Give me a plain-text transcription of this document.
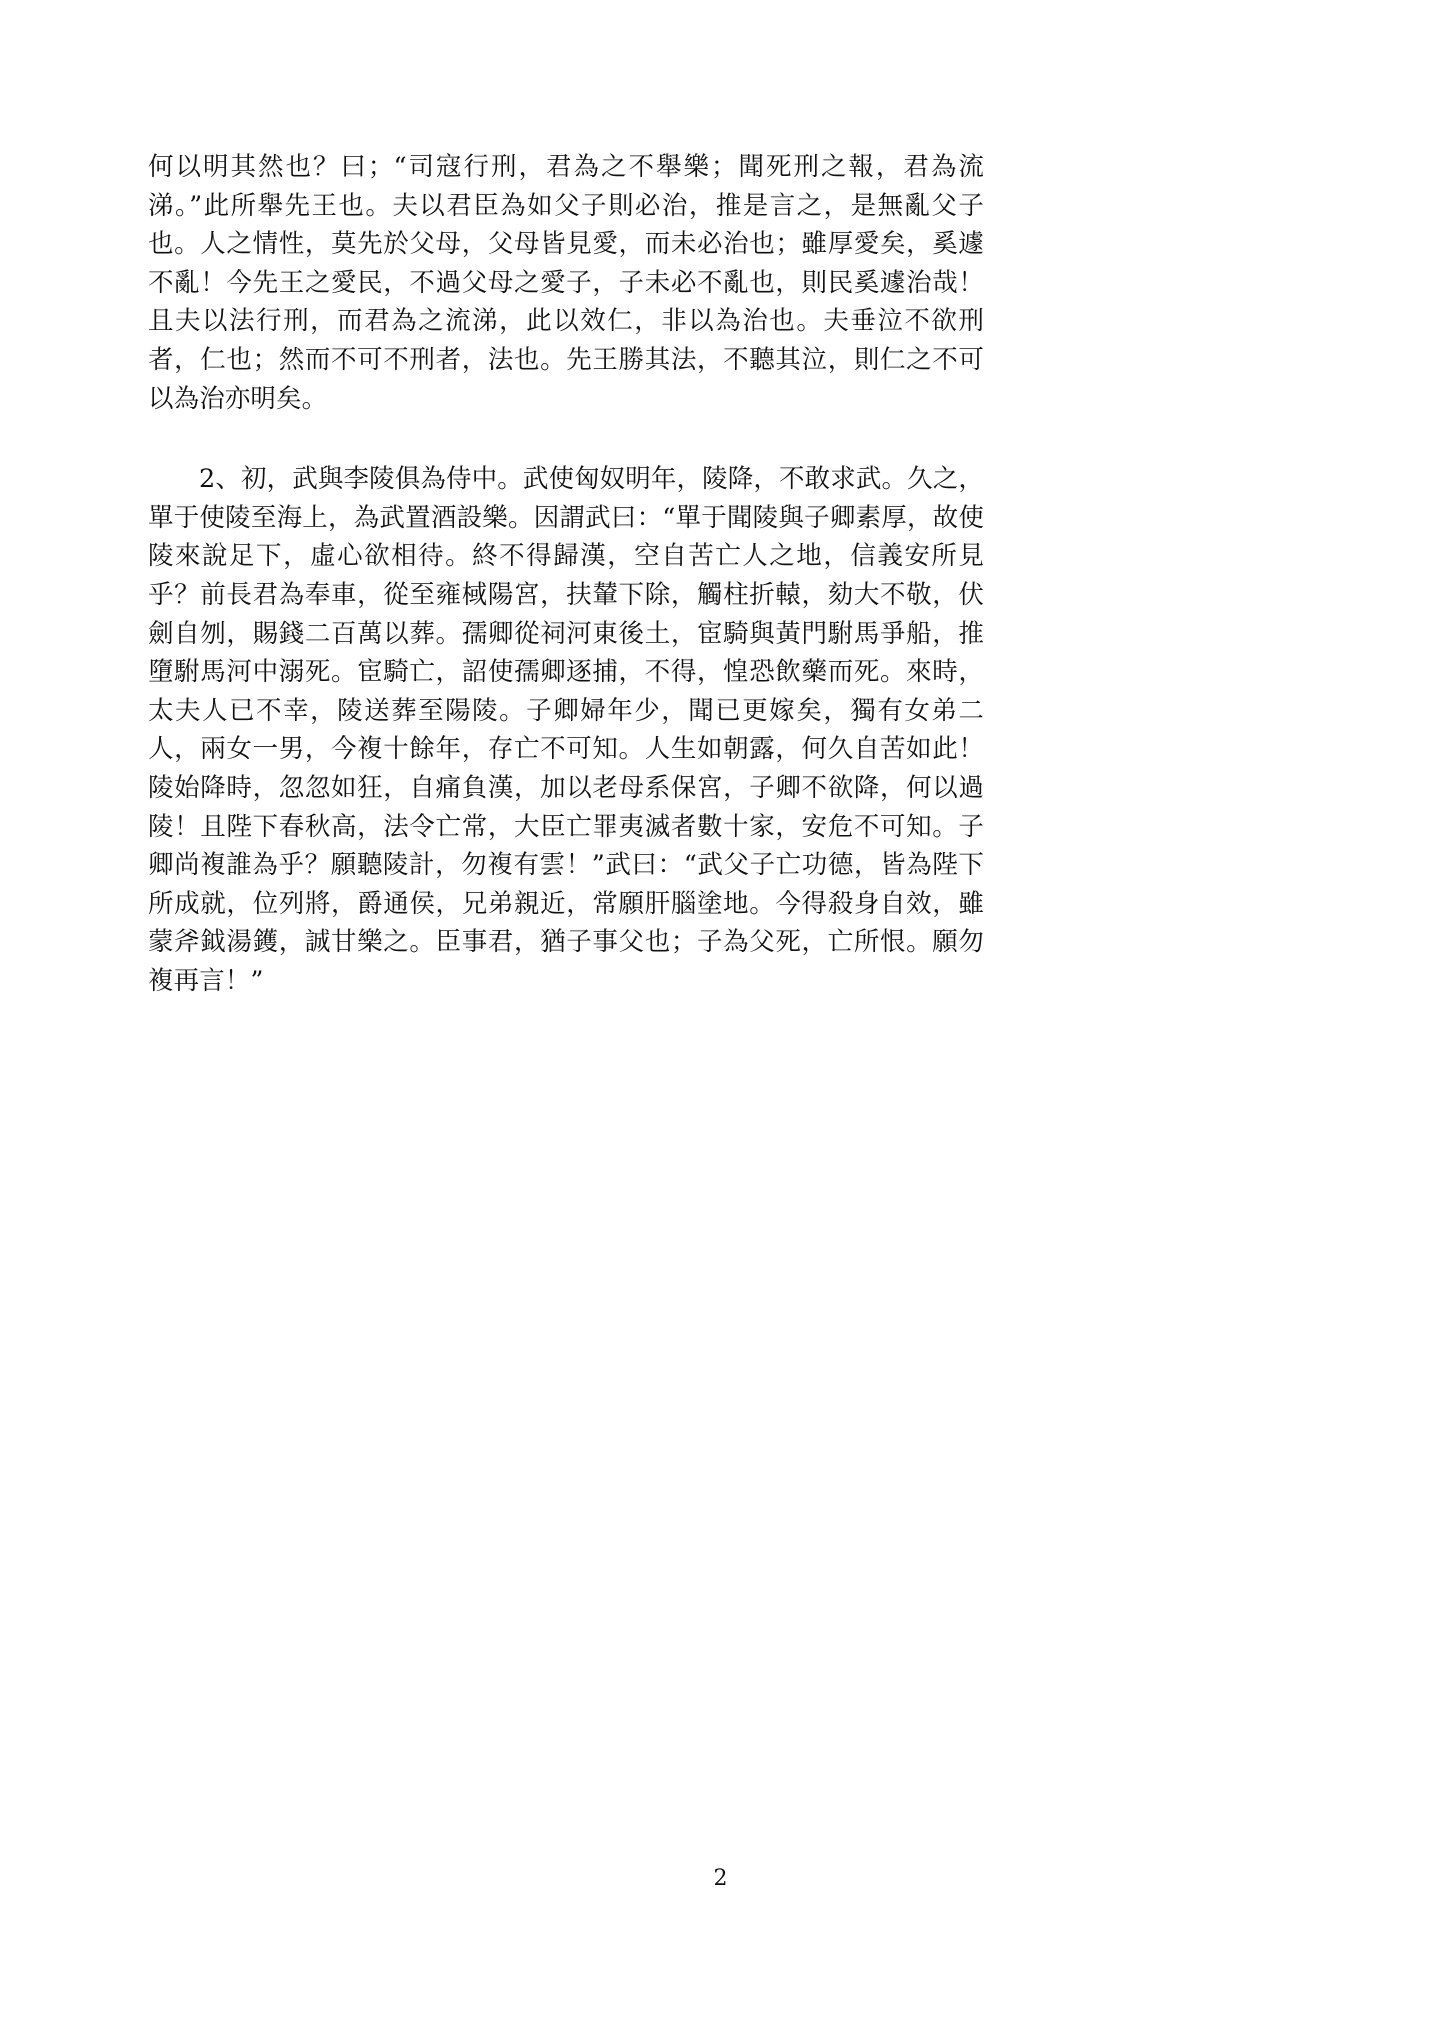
何以明其然也？曰；“司寇行刑，君為之不舉樂；聞死刑之報，君為流涕。”此所舉先王也。夫以君臣為如父子則必治，推是言之，是無亂父子也。人之情性，莫先於父母，父母皆見愛，而未必治也；雖厚愛矣，奚遽不亂！今先王之愛民，不過父母之愛子，子未必不亂也，則民奚遽治哉！且夫以法行刑，而君為之流涕，此以效仁，非以為治也。夫垂泣不欲刑者，仁也；然而不可不刑者，法也。先王勝其法，不聽其泣，則仁之不可以為治亦明矣。

2、初，武與李陵俱為侍中。武使匈奴明年，陵降，不敢求武。久之，單于使陵至海上，為武置酒設樂。因謂武曰：“單于聞陵與子卿素厚，故使陵來說足下，虛心欲相待。終不得歸漢，空自苦亡人之地，信義安所見乎？前長君為奉車，從至雍棫陽宮，扶輦下除，觸柱折轅，劾大不敬，伏劍自刎，賜錢二百萬以葬。孺卿從祠河東後土，宦騎與黃門駙馬爭船，推墮駙馬河中溺死。宦騎亡，詔使孺卿逐捕，不得，惶恐飲藥而死。來時，太夫人已不幸，陵送葬至陽陵。子卿婦年少，聞已更嫁矣，獨有女弟二人，兩女一男，今複十餘年，存亡不可知。人生如朝露，何久自苦如此！陵始降時，忽忽如狂，自痛負漢，加以老母系保宮，子卿不欲降，何以過陵！且陛下春秋高，法令亡常，大臣亡罪夷滅者數十家，安危不可知。子卿尚複誰為乎？願聽陵計，勿複有雲！”武曰：“武父子亡功德，皆為陛下所成就，位列將，爵通侯，兄弟親近，常願肝腦塗地。今得殺身自效，雖蒙斧鉞湯鑊，誠甘樂之。臣事君，猶子事父也；子為父死，亡所恨。願勿複再言！”

2
